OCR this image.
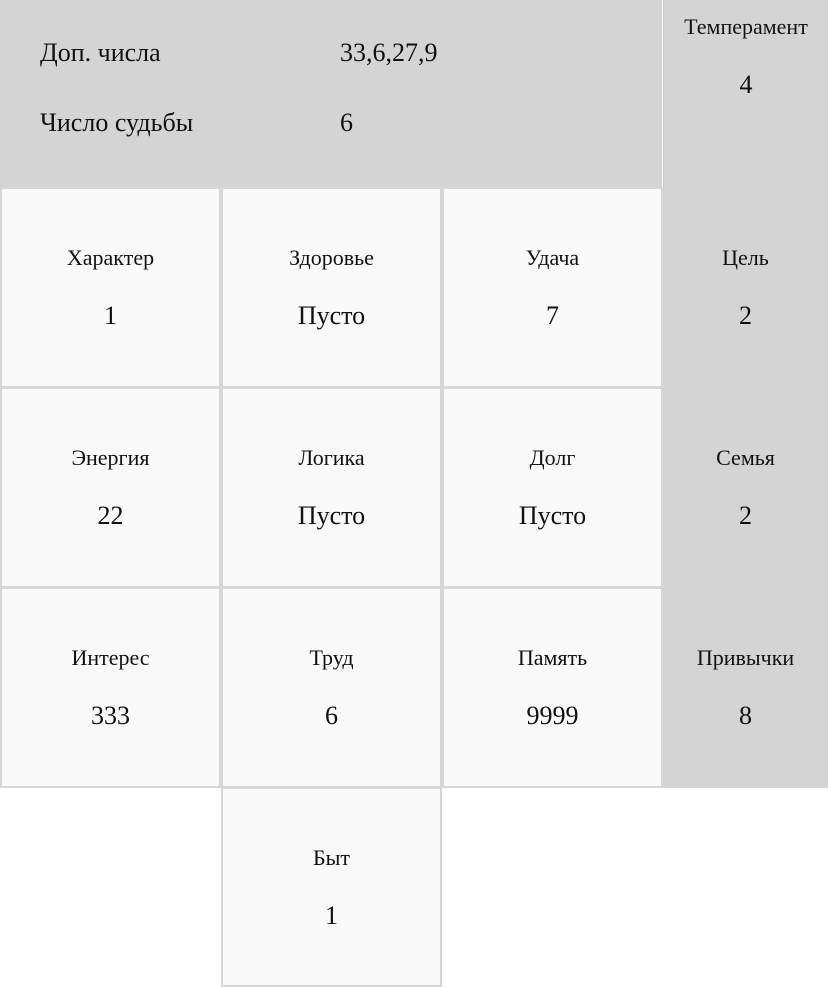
Доп. числа	33,6,27,9
Число судьбы	6
Темперамент
4
Характер
1
Здоровье
Пусто
Удача
7
Цель
2
Энергия
22
Логика
Пусто
Долг
Пусто
Семья
2
Интерес
333
Труд
6
Память
9999
Привычки
8
Быт
1
